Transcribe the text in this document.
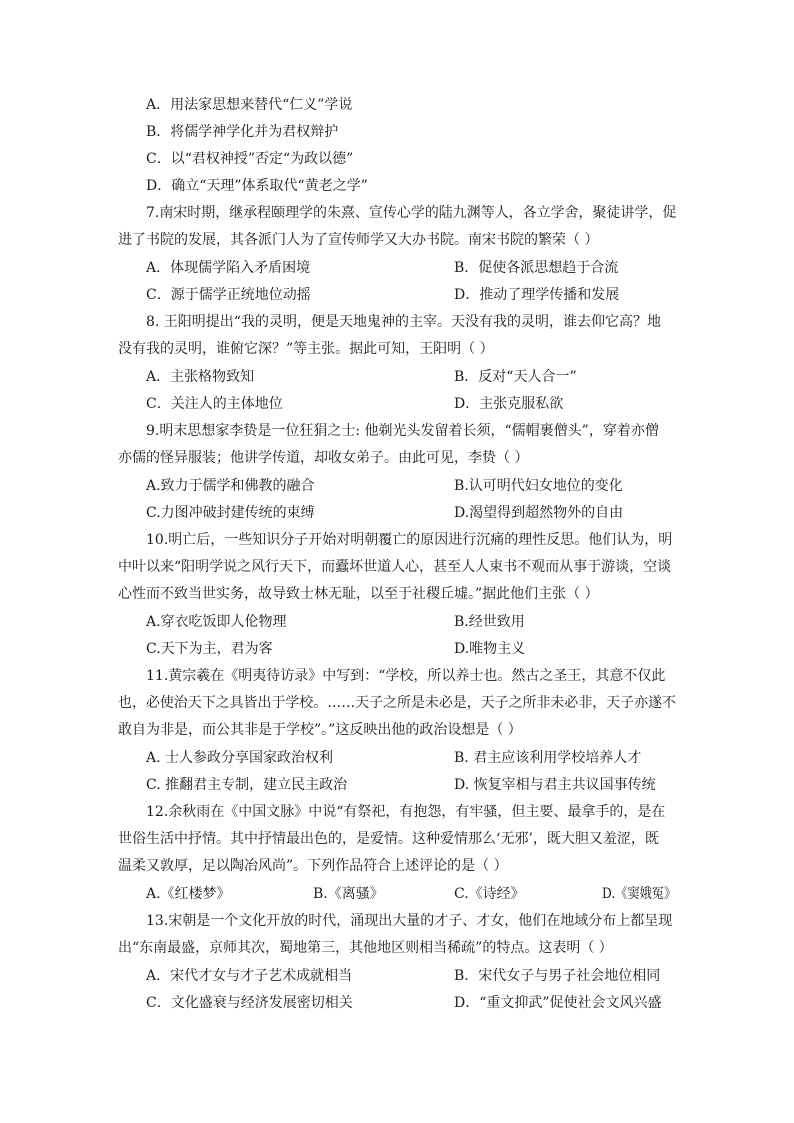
A．用法家思想来替代“仁义”学说
B．将儒学神学化并为君权辩护
C．以“君权神授”否定“为政以德”
D．确立“天理”体系取代“黄老之学”
7.南宋时期，继承程颐理学的朱熹、宣传心学的陆九渊等人，各立学舍，聚徒讲学，促
进了书院的发展，其各派门人为了宣传师学又大办书院。南宋书院的繁荣（ ）
A．体现儒学陷入矛盾困境	B．促使各派思想趋于合流
C．源于儒学正统地位动摇	D．推动了理学传播和发展
8. 王阳明提出“我的灵明，便是天地鬼神的主宰。天没有我的灵明，谁去仰它高？地
没有我的灵明，谁俯它深？”等主张。据此可知，王阳明（ ）
A．主张格物致知	B．反对“天人合一”
C．关注人的主体地位	D．主张克服私欲
9.明末思想家李贽是一位狂狷之士: 他剃光头发留着长须，“儒帽裹僧头”，穿着亦僧
亦儒的怪异服装；他讲学传道，却收女弟子。由此可见，李贽（ ）
A.致力于儒学和佛教的融合	B.认可明代妇女地位的变化
C.力图冲破封建传统的束缚	D.渴望得到超然物外的自由
10.明亡后，一些知识分子开始对明朝覆亡的原因进行沉痛的理性反思。他们认为，明
中叶以来“阳明学说之风行天下，而蠹坏世道人心，甚至人人束书不观而从事于游谈，空谈
心性而不致当世实务，故导致士林无耻，以至于社稷丘墟。”据此他们主张（ ）
A.穿衣吃饭即人伦物理	B.经世致用
C.天下为主，君为客	D.唯物主义
11.黄宗羲在《明夷待访录》中写到：“学校，所以养士也。然古之圣王，其意不仅此
也，必使治天下之具皆出于学校。……天子之所是未必是，天子之所非未必非，天子亦遂不
敢自为非是，而公其非是于学校”。”这反映出他的政治设想是（ ）
A. 士人参政分享国家政治权利	B. 君主应该利用学校培养人才
C. 推翻君主专制，建立民主政治	D. 恢复宰相与君主共议国事传统
12.余秋雨在《中国文脉》中说“有祭祀，有抱怨，有牢骚，但主要、最拿手的，是在
世俗生活中抒情。其中抒情最出色的，是爱情。这种爱情那么‘无邪’，既大胆又羞涩，既
温柔又敦厚，足以陶冶风尚”。下列作品符合上述评论的是（ ）
A.《红楼梦》	B.《离骚》	C.《诗经》	D.《窦娥冤》
13.宋朝是一个文化开放的时代，涌现出大量的才子、才女，他们在地域分布上都呈现
出“东南最盛，京师其次，蜀地第三，其他地区则相当稀疏”的特点。这表明（ ）
A．宋代才女与才子艺术成就相当	B．宋代女子与男子社会地位相同
C．文化盛衰与经济发展密切相关	D．“重文抑武”促使社会文风兴盛
